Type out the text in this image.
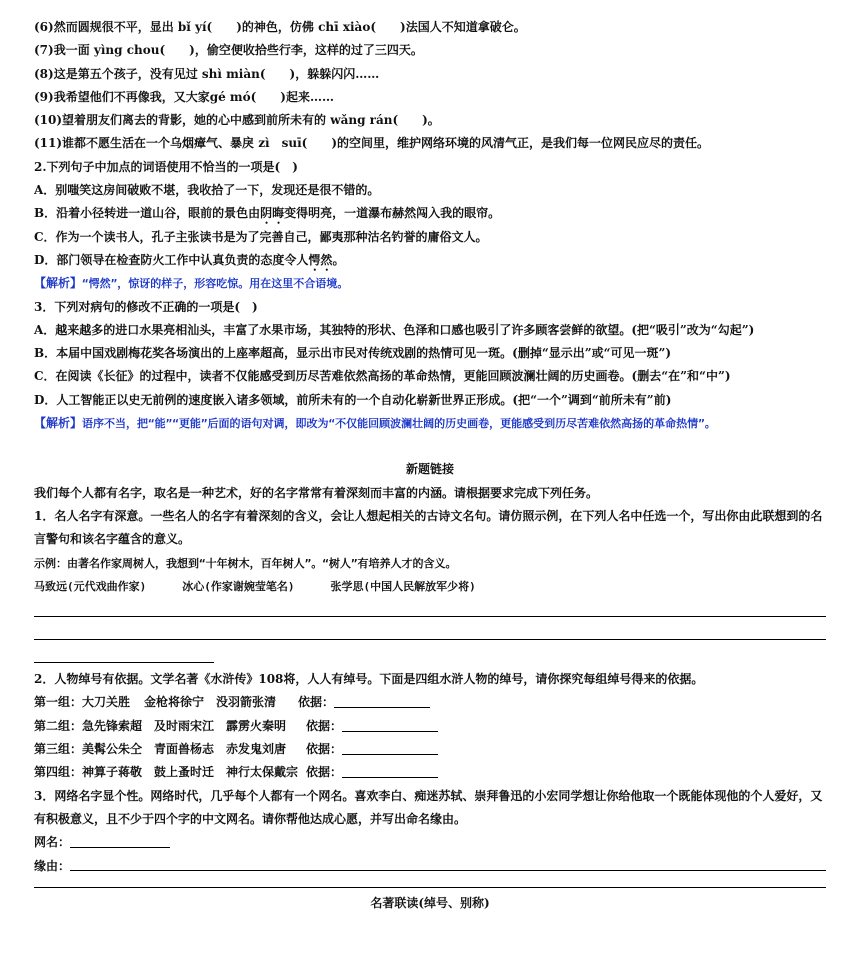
(6)然而圆规很不平，显出 bǐ yí(　　)的神色，仿佛 chī xiào(　　)法国人不知道拿破仑。
(7)我一面 yìng chou(　　)，偷空便收拾些行李，这样的过了三四天。
(8)这是第五个孩子，没有见过 shì miàn(　　)，躲躲闪闪……
(9)我希望他们不再像我，又大家gé mó(　　)起来……
(10)望着朋友们离去的背影，她的心中感到前所未有的 wǎng rán(　　)。
(11)谁都不愿生活在一个乌烟瘴气、暴戾 zì　suī(　　)的空间里，维护网络环境的风清气正，是我们每一位网民应尽的责任。
2.下列句子中加点的词语使用不恰当的一项是(　)
A．别嗤笑这房间破败不堪，我收拾了一下，发现还是很不错的。
B．沿着小径转进一道山谷，眼前的景色由阴晦变得明亮，一道瀑布赫然闯入我的眼帘。
C．作为一个读书人，孔子主张读书是为了完善自己，鄙夷那种沽名钓誉的庸俗文人。
D．部门领导在检查防火工作中认真负责的态度令人愕然。
【解析】“愕然”，惊讶的样子，形容吃惊。用在这里不合语境。
3．下列对病句的修改不正确的一项是(　)
A．越来越多的进口水果亮相汕头，丰富了水果市场，其独特的形状、色泽和口感也吸引了许多顾客尝鲜的欲望。(把“吸引”改为“勾起”)
B．本届中国戏剧梅花奖各场演出的上座率超高，显示出市民对传统戏剧的热情可见一斑。(删掉“显示出”或“可见一斑”)
C．在阅读《长征》的过程中，读者不仅能感受到历尽苦难依然高扬的革命热情，更能回顾波澜壮阔的历史画卷。(删去“在”和“中”)
D．人工智能正以史无前例的速度嵌入诸多领域，前所未有的一个自动化崭新世界正形成。(把“一个”调到“前所未有”前)
【解析】语序不当，把“能”“更能”后面的语句对调，即改为“不仅能回顾波澜壮阔的历史画卷，更能感受到历尽苦难依然高扬的革命热情”。
新题链接
我们每个人都有名字，取名是一种艺术，好的名字常常有着深刻而丰富的内涵。请根据要求完成下列任务。
1．名人名字有深意。一些名人的名字有着深刻的含义，会让人想起相关的古诗文名句。请仿照示例，在下列人名中任选一个，写出你由此联想到的名言警句和该名字蕴含的意义。
示例：由著名作家周树人，我想到“十年树木，百年树人”。“树人”有培养人才的含义。
马致远(元代戏曲作家)	冰心(作家谢婉莹笔名)	张学思(中国人民解放军少将)
2．人物绰号有依据。文学名著《水浒传》108将，人人有绰号。下面是四组水浒人物的绰号，请你探究每组绰号得来的依据。
第一组：大刀关胜 金枪将徐宁 没羽箭张清 依据：
第二组：急先锋索超 及时雨宋江 霹雳火秦明 依据：
第三组：美髯公朱仝 青面兽杨志 赤发鬼刘唐 依据：
第四组：神算子蒋敬 鼓上蚤时迁 神行太保戴宗 依据：
3．网络名字显个性。网络时代，几乎每个人都有一个网名。喜欢李白、痴迷苏轼、崇拜鲁迅的小宏同学想让你给他取一个既能体现他的个人爱好，又有积极意义，且不少于四个字的中文网名。请你帮他达成心愿，并写出命名缘由。
网名：
缘由：
名著联读(绰号、别称)
